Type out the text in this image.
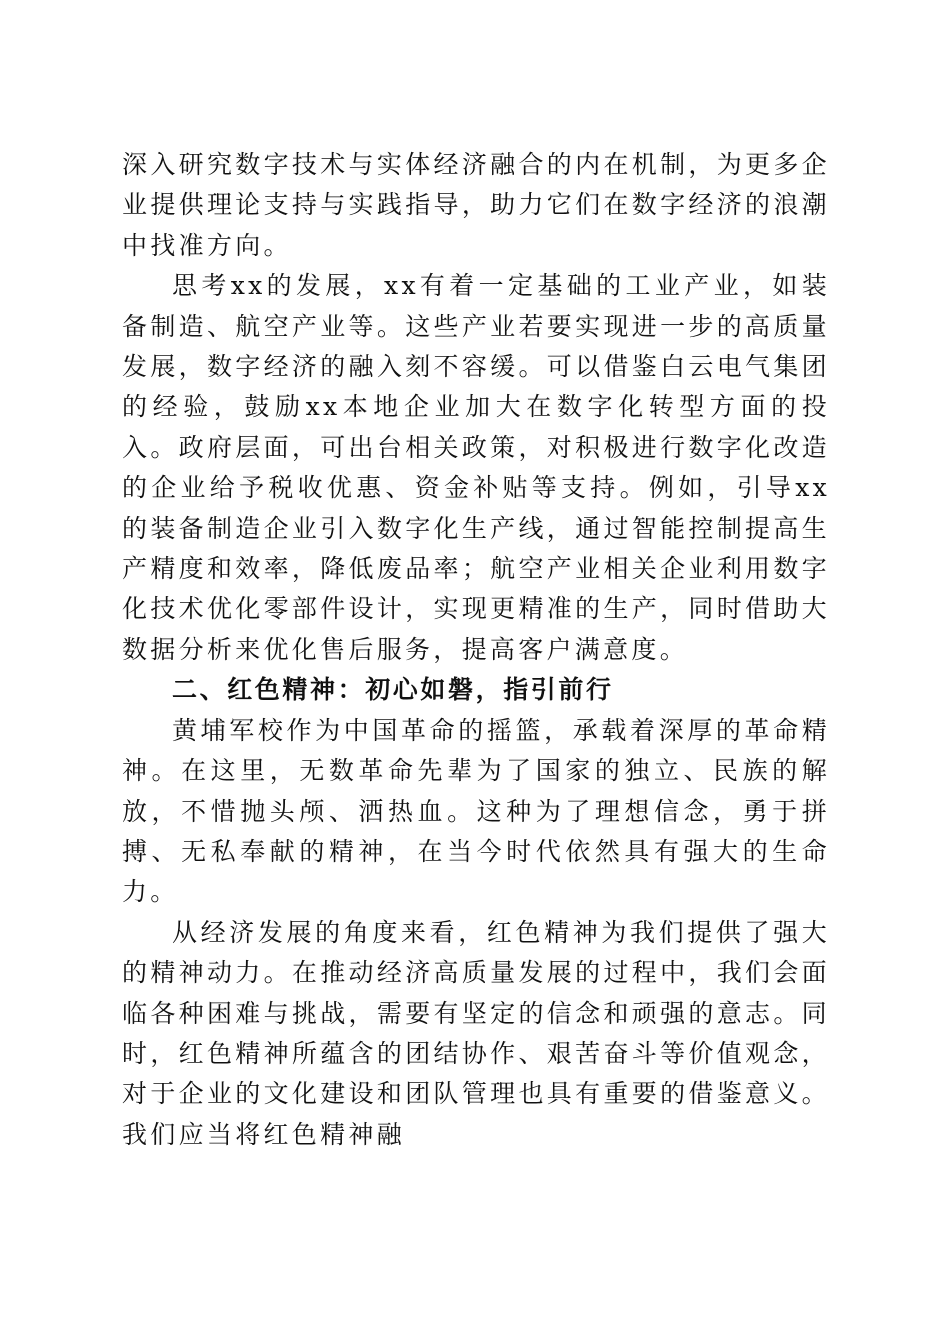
深入研究数字技术与实体经济融合的内在机制，为更多企业提供理论支持与实践指导，助力它们在数字经济的浪潮中找准方向。

思考xx的发展，xx有着一定基础的工业产业，如装备制造、航空产业等。这些产业若要实现进一步的高质量发展，数字经济的融入刻不容缓。可以借鉴白云电气集团的经验，鼓励xx本地企业加大在数字化转型方面的投入。政府层面，可出台相关政策，对积极进行数字化改造的企业给予税收优惠、资金补贴等支持。例如，引导xx的装备制造企业引入数字化生产线，通过智能控制提高生产精度和效率，降低废品率；航空产业相关企业利用数字化技术优化零部件设计，实现更精准的生产，同时借助大数据分析来优化售后服务，提高客户满意度。

二、红色精神：初心如磐，指引前行

黄埔军校作为中国革命的摇篮，承载着深厚的革命精神。在这里，无数革命先辈为了国家的独立、民族的解放，不惜抛头颅、洒热血。这种为了理想信念，勇于拼搏、无私奉献的精神，在当今时代依然具有强大的生命力。

从经济发展的角度来看，红色精神为我们提供了强大的精神动力。在推动经济高质量发展的过程中，我们会面临各种困难与挑战，需要有坚定的信念和顽强的意志。同时，红色精神所蕴含的团结协作、艰苦奋斗等价值观念，对于企业的文化建设和团队管理也具有重要的借鉴意义。我们应当将红色精神融
